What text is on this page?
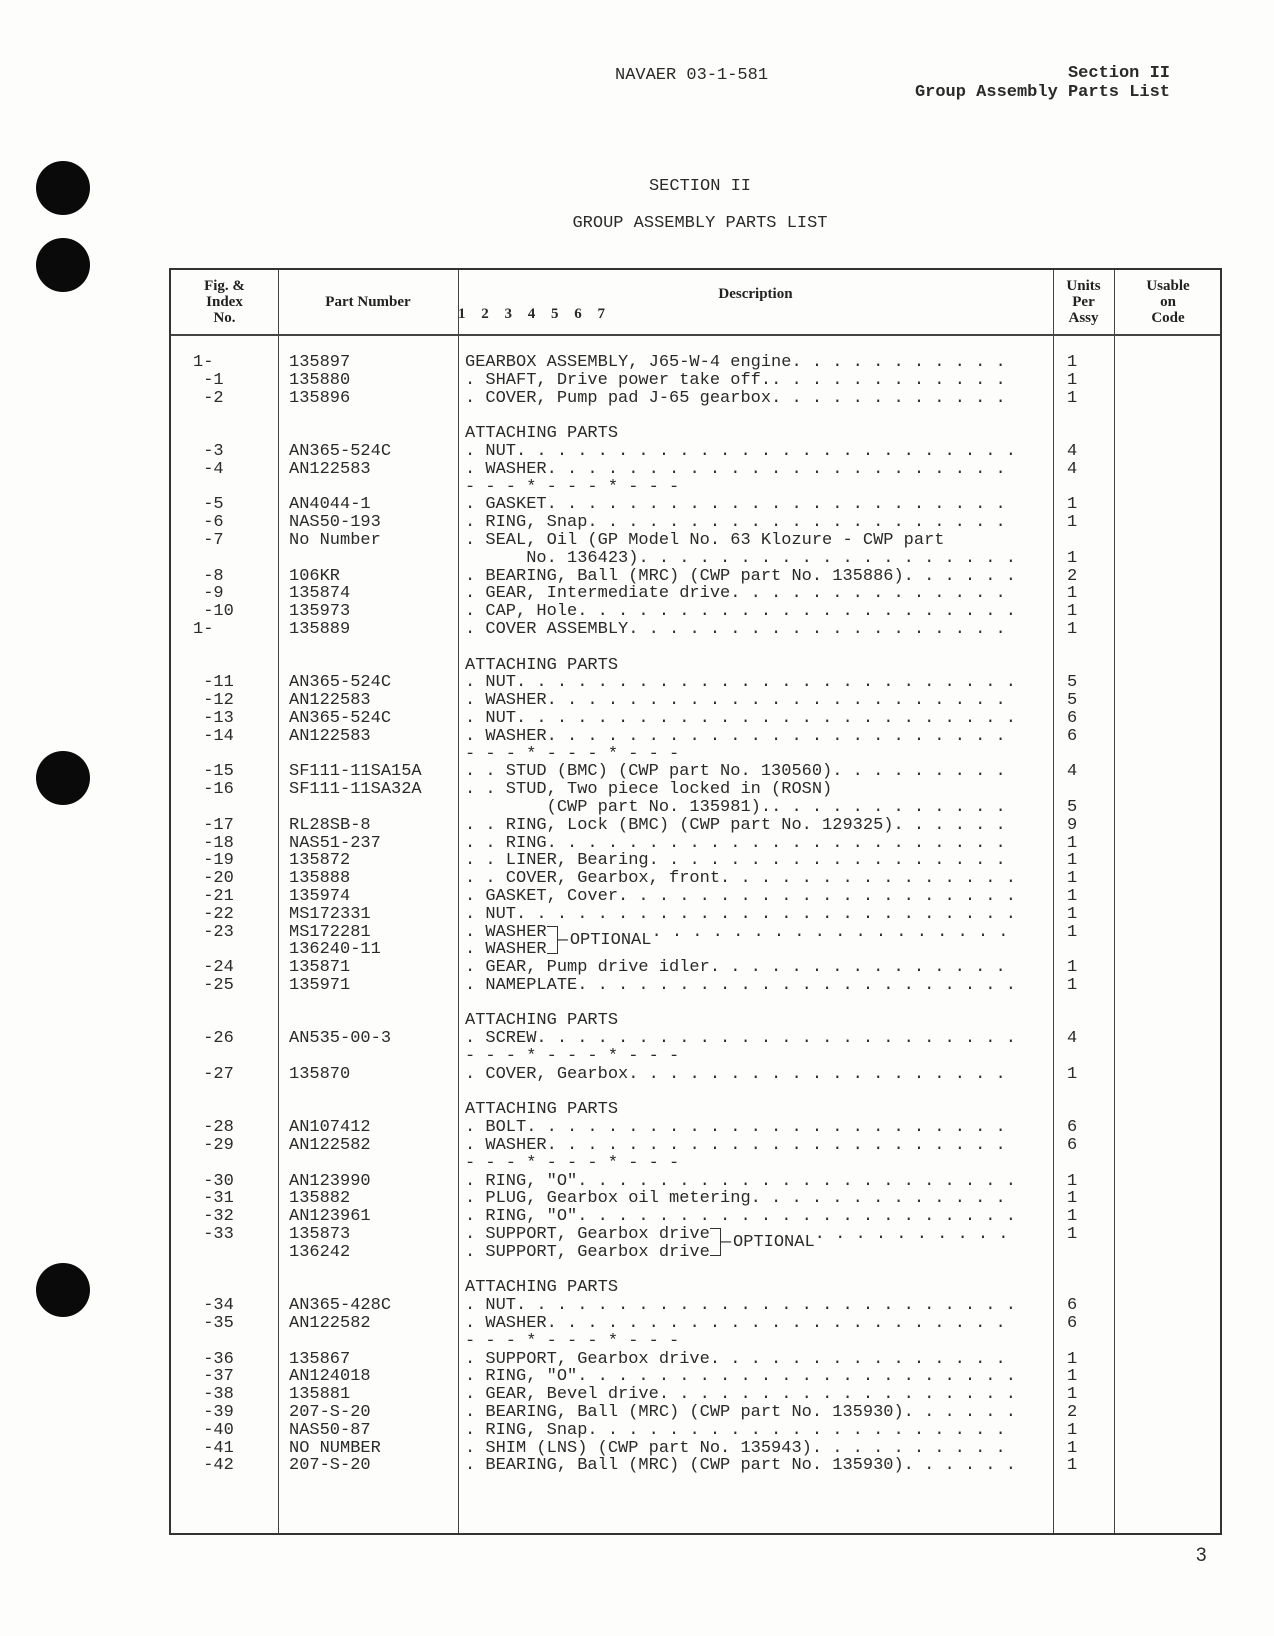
NAVAER 03-1-581	Section II
Group Assembly Parts List
SECTION II
GROUP ASSEMBLY PARTS LIST
Fig. &
Index
No.
Part Number	Description
1 2 3 4 5 6 7
Units
Per
Assy
Usable
on
Code
1-	135897	GEARBOX ASSEMBLY, J65-W-4 engine . . .	1
-1	135880	. SHAFT, Drive power take off. . . .	1
-2	135896	. COVER, Pump pad J-65 gearbox . . .	1
ATTACHING PARTS
-3	AN365-524C	. NUT . . .	4
-4	AN122583	. WASHER . . .	4
- - - * - - - * - - -
-5	AN4044-1	. GASKET . . .	1
-6	NAS50-193	. RING, Snap . . .	1
-7	No Number	. SEAL, Oil (GP Model No. 63 Klozure - CWP part
No. 136423) . . .	1
-8	106KR	. BEARING, Ball (MRC) (CWP part No. 135886) . . .	2
-9	135874	. GEAR, Intermediate drive . . .	1
-10	135973	. CAP, Hole . . .	1
1-	135889	. COVER ASSEMBLY . . .	1
ATTACHING PARTS
-11	AN365-524C	. NUT . . .	5
-12	AN122583	. WASHER . . .	5
-13	AN365-524C	. NUT . . .	6
-14	AN122583	. WASHER . . .	6
- - - * - - - * - - -
-15	SF111-11SA15A	. . STUD (BMC) (CWP part No. 130560) . . .	4
-16	SF111-11SA32A	. . STUD, Two piece locked in (ROSN)
(CWP part No. 135981). . . .	5
-17	RL28SB-8	. . RING, Lock (BMC) (CWP part No. 129325) . . .	9
-18	NAS51-237	. . RING . . .	1
-19	135872	. . LINER, Bearing . . .	1
-20	135888	. . COVER, Gearbox, front . . .	1
-21	135974	. GASKET, Cover . . .	1
-22	MS172331	. NUT . . .	1
-23	MS172281	. WASHER — OPTIONAL . . .	1
136240-11	. WASHER
-24	135871	. GEAR, Pump drive idler . . .	1
-25	135971	. NAMEPLATE . . .	1
ATTACHING PARTS
-26	AN535-00-3	. SCREW . . .	4
- - - * - - - * - - -
-27	135870	. COVER, Gearbox . . .	1
ATTACHING PARTS
-28	AN107412	. BOLT . . .	6
-29	AN122582	. WASHER . . .	6
- - - * - - - * - - -
-30	AN123990	. RING, "O" . . .	1
-31	135882	. PLUG, Gearbox oil metering . . .	1
-32	AN123961	. RING, "O" . . .	1
-33	135873	. SUPPORT, Gearbox drive — OPTIONAL . . .	1
136242	. SUPPORT, Gearbox drive
ATTACHING PARTS
-34	AN365-428C	. NUT . . .	6
-35	AN122582	. WASHER . . .	6
- - - * - - - * - - -
-36	135867	. SUPPORT, Gearbox drive . . .	1
-37	AN124018	. RING, "O" . . .	1
-38	135881	. GEAR, Bevel drive . . .	1
-39	207-S-20	. BEARING, Ball (MRC) (CWP part No. 135930) . . .	2
-40	NAS50-87	. RING, Snap . . .	1
-41	NO NUMBER	. SHIM (LNS) (CWP part No. 135943) . . .	1
-42	207-S-20	. BEARING, Ball (MRC) (CWP part No. 135930) . . .	1
3
